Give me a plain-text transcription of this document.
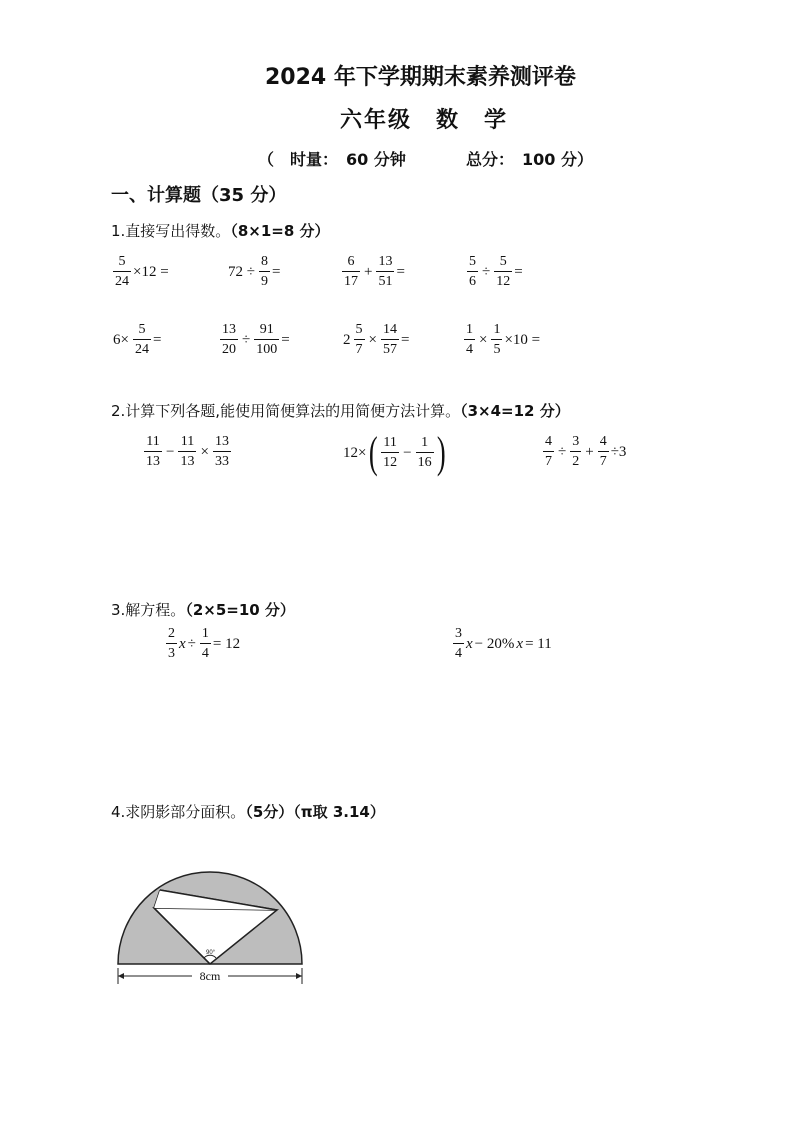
2024 年下学期期末素养测评卷
六年级　数　学
（　时量：　60 分钟	总分：　100 分）
一、计算题（35 分）
1.直接写出得数。（8×1=8 分）
$\frac{5}{24} \times 12$ =	$72 \div \frac{8}{9}$ =	$\frac{6}{17} + \frac{13}{51}$ =	$\frac{5}{6} \div \frac{5}{12}$ =
$6\times \frac{5}{24}$ =	$\frac{13}{20} \div \frac{91}{100}$ =	$2 \frac{5}{7} \times \frac{14}{57}$ =	$\frac{1}{4} \times \frac{1}{5} \times 10$ =
2.计算下列各题,能使用简便算法的用简便方法计算。（3×4=12 分）
$\frac{11}{13} - \frac{11}{13} \times \frac{13}{33}$	12× ( $\frac{11}{12} - \frac{1}{16}$ )	$\frac{4}{7} \div \frac{3}{2} + \frac{4}{7} \div 3$
3.解方程。（2×5=10 分）
$\frac{2}{3}$ $x \div \frac{1}{4} = 12$	$\frac{3}{4}$ x − 20% x = 11
4.求阴影部分面积。（5分）（π取 3.14）
90°
8cm
